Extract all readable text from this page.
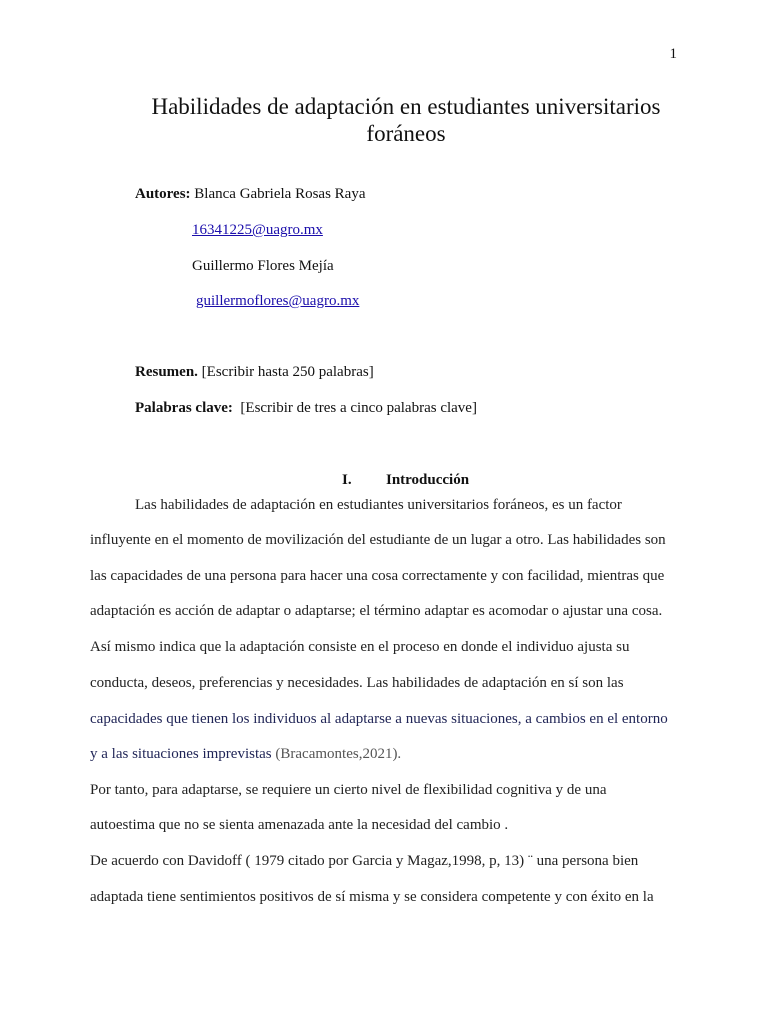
1
Habilidades de adaptación en estudiantes universitarios
foráneos
Autores: Blanca Gabriela Rosas Raya
16341225@uagro.mx
Guillermo Flores Mejía
guillermoflores@uagro.mx
Resumen. [Escribir hasta 250 palabras]
Palabras clave: [Escribir de tres a cinco palabras clave]
I. Introducción
Las habilidades de adaptación en estudiantes universitarios foráneos, es un factor
influyente en el momento de movilización del estudiante de un lugar a otro. Las habilidades son
las capacidades de una persona para hacer una cosa correctamente y con facilidad, mientras que
adaptación es acción de adaptar o adaptarse; el término adaptar es acomodar o ajustar una cosa.
Así mismo indica que la adaptación consiste en el proceso en donde el individuo ajusta su
conducta, deseos, preferencias y necesidades. Las habilidades de adaptación en sí son las
capacidades que tienen los individuos al adaptarse a nuevas situaciones, a cambios en el entorno
y a las situaciones imprevistas (Bracamontes,2021).
Por tanto, para adaptarse, se requiere un cierto nivel de flexibilidad cognitiva y de una
autoestima que no se sienta amenazada ante la necesidad del cambio .
De acuerdo con Davidoff ( 1979 citado por Garcia y Magaz,1998, p, 13) ¨ una persona bien
adaptada tiene sentimientos positivos de sí misma y se considera competente y con éxito en la
